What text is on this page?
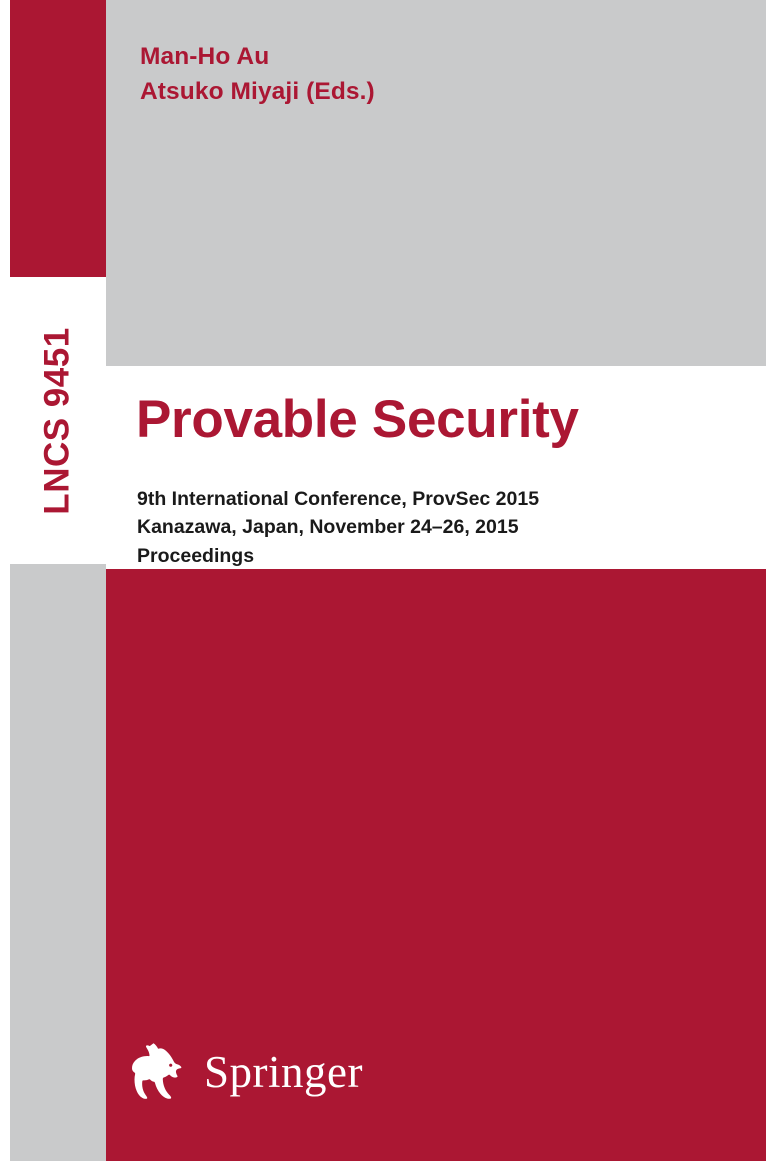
LNCS 9451
Man-Ho Au
Atsuko Miyaji (Eds.)
Provable Security
9th International Conference, ProvSec 2015
Kanazawa, Japan, November 24–26, 2015
Proceedings
Springer
